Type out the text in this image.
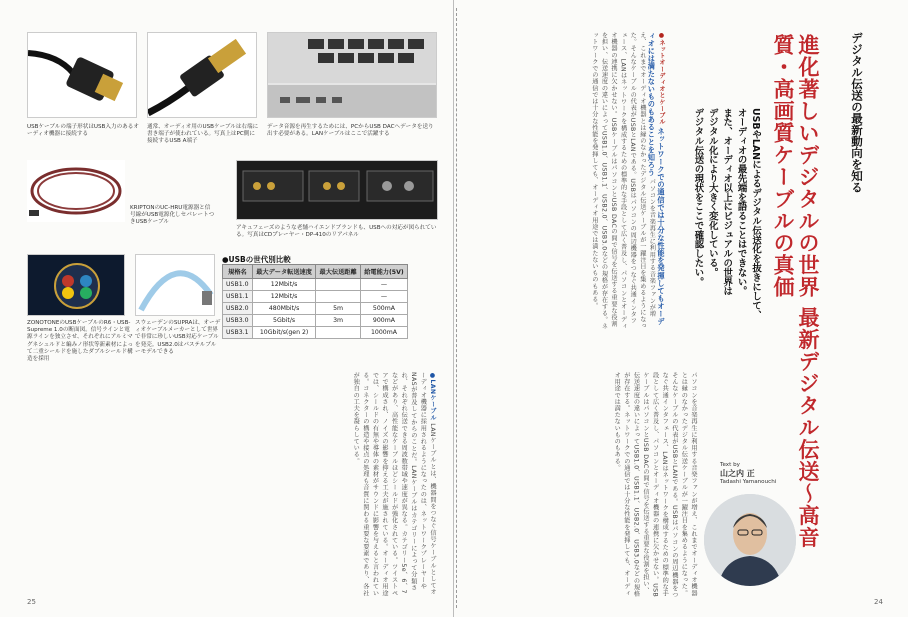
USBケーブルの端子形状はUSB入力のあるオーディオ機器に接続する
通常、オーディオ用のUSBケーブルは右端に書き端子が使われている。写真上はPC側に接続するUSB A端子
データ音源を再生するためには、PCからUSB DACへデータを送り出す必要がある。LANケーブルはここで活躍する
KRIPTONのUC-HRU電源器と信号線がUSB電源化しセパレートつきUSBケーブル
アキュフェーズのような老舗ハイエンドブランドも、USBへの対応が図られている。写真はCDプレーヤー・DP-410のリアパネル
ZONOTONEのUSBケーブルのR6・USB-Supreme 1.0の断面図。信号ラインと電源ラインを独立させ、それぞれにアルミマグネシュルドと編みノ形状等新素材によって二重シールドを施したダブルシールド構造を採用
スウェーデンのSUPRAは、オーディオケーブルメーカーとして世界で非常に珍しいUSB対応ケーブルを発売。USB2.0はパステルブルーモデルできる
●USBの世代別比較
規格名	最大データ転送速度	最大伝送距離	給電能力(5V)
USB1.0	12Mbit/s		—
USB1.1	12Mbit/s		—
USB2.0	480Mbit/s	5m	500mA
USB3.0	5Gbit/s	3m	900mA
USB3.1	10Gbit/s(gen 2)		1000mA
●LANケーブル LANケーブルとは、機器間をつなぐ信号ケーブルとしてオーディオ機器に採用されるようになったのは、ネットワークプレーヤーやNASが普及してからのことだ。LANケーブルはカテゴリーによって分類され、それぞれ伝送できる周波数帯域や速度が異なる。カテゴリー5e、6、7などがあり、高性能なケーブルほどシールドが強化されている。ツイストペアで構成され、ノイズの影響を抑える工夫が施されている。オーディオ用途では、シールドの有無や導体の素材がサウンドに影響を与えると言われている。コネクターの構造や接点の処理も音質に関わる重要な要素であり、各社が独自の工夫を凝らしている。
25
●ネットオーディオとケーブル ネットワークでの通信では十分な性能を発揮してもオーディオには満たないものもあることを知ろう パソコンを音楽再生に利用する音楽ファンが増え、これまでオーディオ機器とは縁のなかったデジタル伝送ケーブルが一躍注目を集めるようになった。そんなケーブルの代表がUSBとLANである。USBはパソコンの周辺機器をつなぐ共通インタフェース、LANはネットワークを構成するための標準的な手段として広く普及し、パソコンとオーディオ機器の連携に欠かせない。USBケーブルはパソコンとUSB DACの間で信号を伝送する重要な役割を担い、伝送速度の違いによってUSB1.0、USB1.1、USB2.0、USB3.0などの規格が存在する。ネットワークでの通信では十分な性能を発揮しても、オーディオ用途では満たないものもある。
パソコンを音楽再生に利用する音楽ファンが増え、これまでオーディオ機器とは縁のなかったデジタル伝送ケーブルが一躍注目を集めるようになった。そんなケーブルの代表がUSBとLANである。USBはパソコンの周辺機器をつなぐ共通インタフェース、LANはネットワークを構成するための標準的な手段として広く普及し、パソコンとオーディオ機器の連携に欠かせない。USBケーブルはパソコンとUSB DACの間で信号を伝送する重要な役割を担い、伝送速度の違いによってUSB1.0、USB1.1、USB2.0、USB3.0などの規格が存在する。ネットワークでの通信では十分な性能を発揮しても、オーディオ用途では満たないものもある。
USBやLANによるデジタル伝送化を抜きにして、
オーディオの最先端を語ることはできない。
また、オーディオ以上にビジュアルの世界は
デジタル化により大きく変化している。
デジタル伝送の現状をここで確認したい。	進化著しいデジタルの世界 最新デジタル伝送〜高音質・高画質ケーブルの真価	デジタル伝送の最新動向を知る
Text by
山之内 正
Tadashi Yamanouchi
24
